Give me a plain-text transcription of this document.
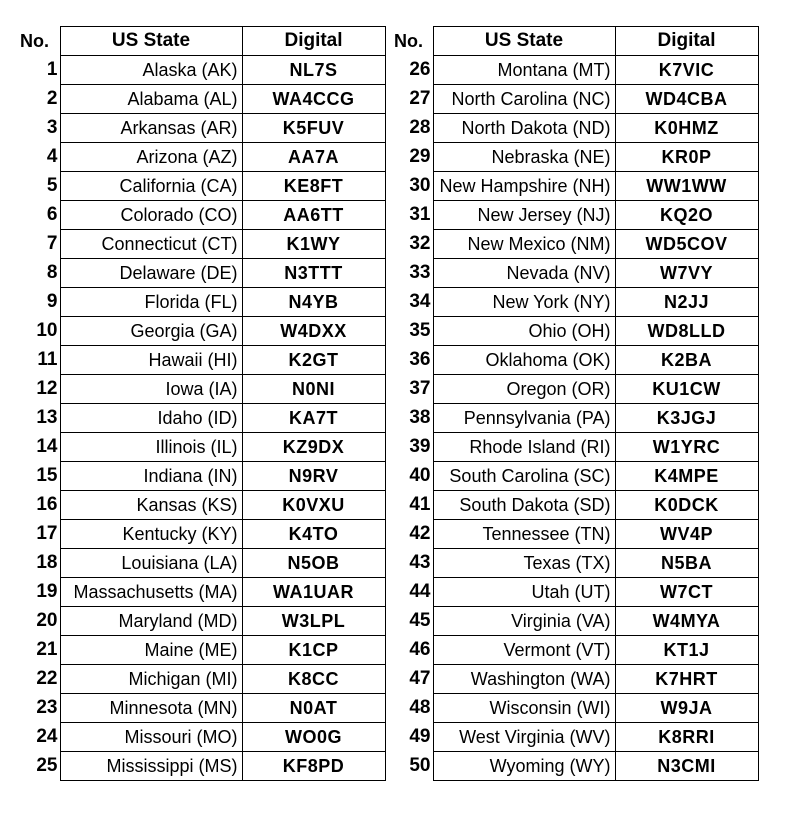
No.	US State	Digital
1	Alaska (AK)	NL7S
2	Alabama (AL)	WA4CCG
3	Arkansas (AR)	K5FUV
4	Arizona (AZ)	AA7A
5	California (CA)	KE8FT
6	Colorado (CO)	AA6TT
7	Connecticut (CT)	K1WY
8	Delaware (DE)	N3TTT
9	Florida (FL)	N4YB
10	Georgia (GA)	W4DXX
11	Hawaii (HI)	K2GT
12	Iowa (IA)	N0NI
13	Idaho (ID)	KA7T
14	Illinois (IL)	KZ9DX
15	Indiana (IN)	N9RV
16	Kansas (KS)	K0VXU
17	Kentucky (KY)	K4TO
18	Louisiana (LA)	N5OB
19	Massachusetts (MA)	WA1UAR
20	Maryland (MD)	W3LPL
21	Maine (ME)	K1CP
22	Michigan (MI)	K8CC
23	Minnesota (MN)	N0AT
24	Missouri (MO)	WO0G
25	Mississippi (MS)	KF8PD
No.	US State	Digital
26	Montana (MT)	K7VIC
27	North Carolina (NC)	WD4CBA
28	North Dakota (ND)	K0HMZ
29	Nebraska (NE)	KR0P
30	New Hampshire (NH)	WW1WW
31	New Jersey (NJ)	KQ2O
32	New Mexico (NM)	WD5COV
33	Nevada (NV)	W7VY
34	New York (NY)	N2JJ
35	Ohio (OH)	WD8LLD
36	Oklahoma (OK)	K2BA
37	Oregon (OR)	KU1CW
38	Pennsylvania (PA)	K3JGJ
39	Rhode Island (RI)	W1YRC
40	South Carolina (SC)	K4MPE
41	South Dakota (SD)	K0DCK
42	Tennessee (TN)	WV4P
43	Texas (TX)	N5BA
44	Utah (UT)	W7CT
45	Virginia (VA)	W4MYA
46	Vermont (VT)	KT1J
47	Washington (WA)	K7HRT
48	Wisconsin (WI)	W9JA
49	West Virginia (WV)	K8RRI
50	Wyoming (WY)	N3CMI
